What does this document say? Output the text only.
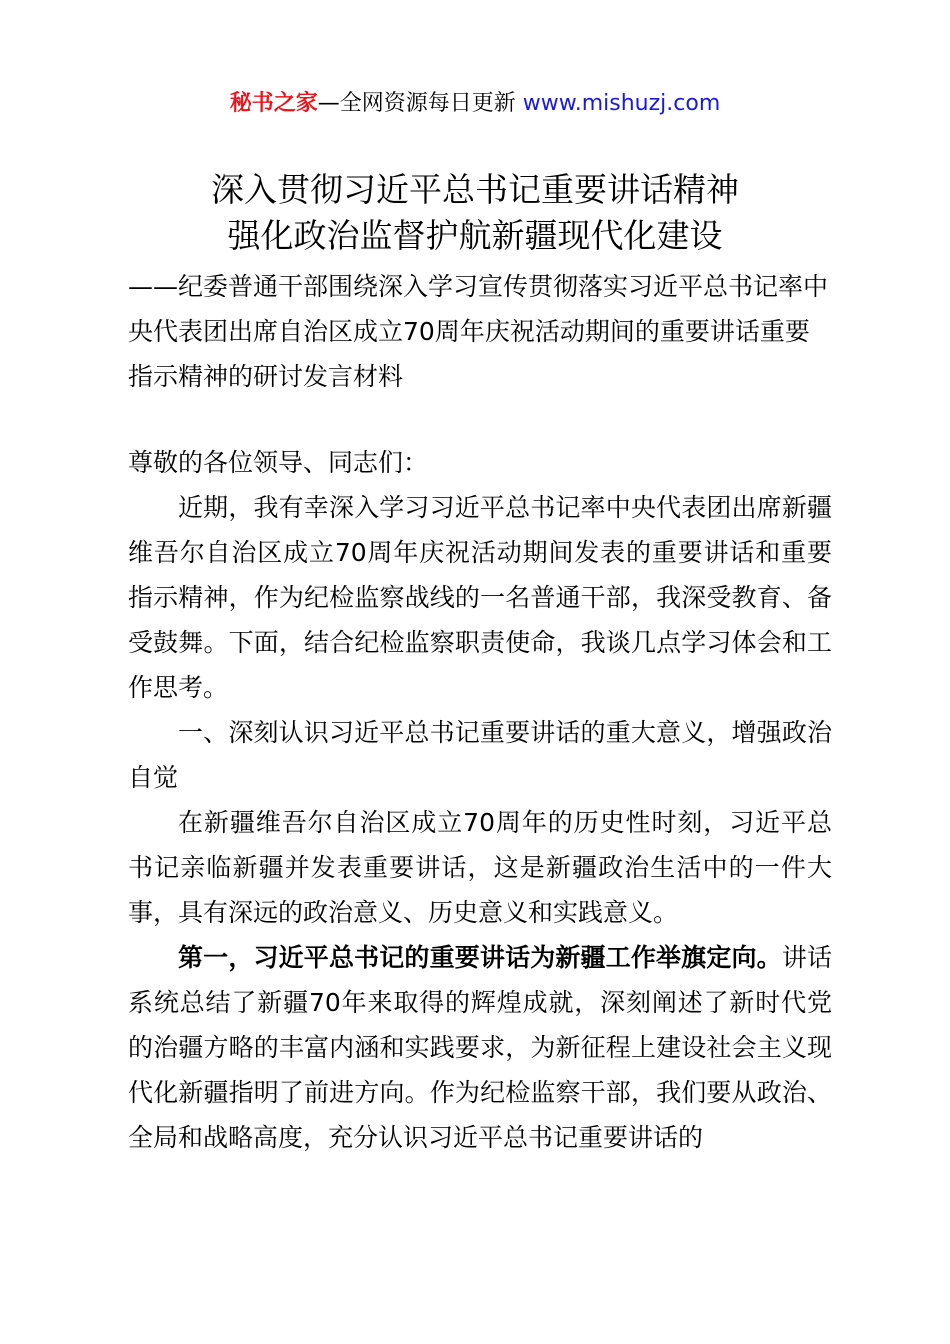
秘书之家—全网资源每日更新 www.mishuzj.com
深入贯彻习近平总书记重要讲话精神
强化政治监督护航新疆现代化建设
——纪委普通干部围绕深入学习宣传贯彻落实习近平总书记率中央代表团出席自治区成立70周年庆祝活动期间的重要讲话重要指示精神的研讨发言材料

尊敬的各位领导、同志们：

近期，我有幸深入学习习近平总书记率中央代表团出席新疆维吾尔自治区成立70周年庆祝活动期间发表的重要讲话和重要指示精神，作为纪检监察战线的一名普通干部，我深受教育、备受鼓舞。下面，结合纪检监察职责使命，我谈几点学习体会和工作思考。

一、深刻认识习近平总书记重要讲话的重大意义，增强政治自觉

在新疆维吾尔自治区成立70周年的历史性时刻，习近平总书记亲临新疆并发表重要讲话，这是新疆政治生活中的一件大事，具有深远的政治意义、历史意义和实践意义。

第一，习近平总书记的重要讲话为新疆工作举旗定向。讲话系统总结了新疆70年来取得的辉煌成就，深刻阐述了新时代党的治疆方略的丰富内涵和实践要求，为新征程上建设社会主义现代化新疆指明了前进方向。作为纪检监察干部，我们要从政治、全局和战略高度，充分认识习近平总书记重要讲话的
